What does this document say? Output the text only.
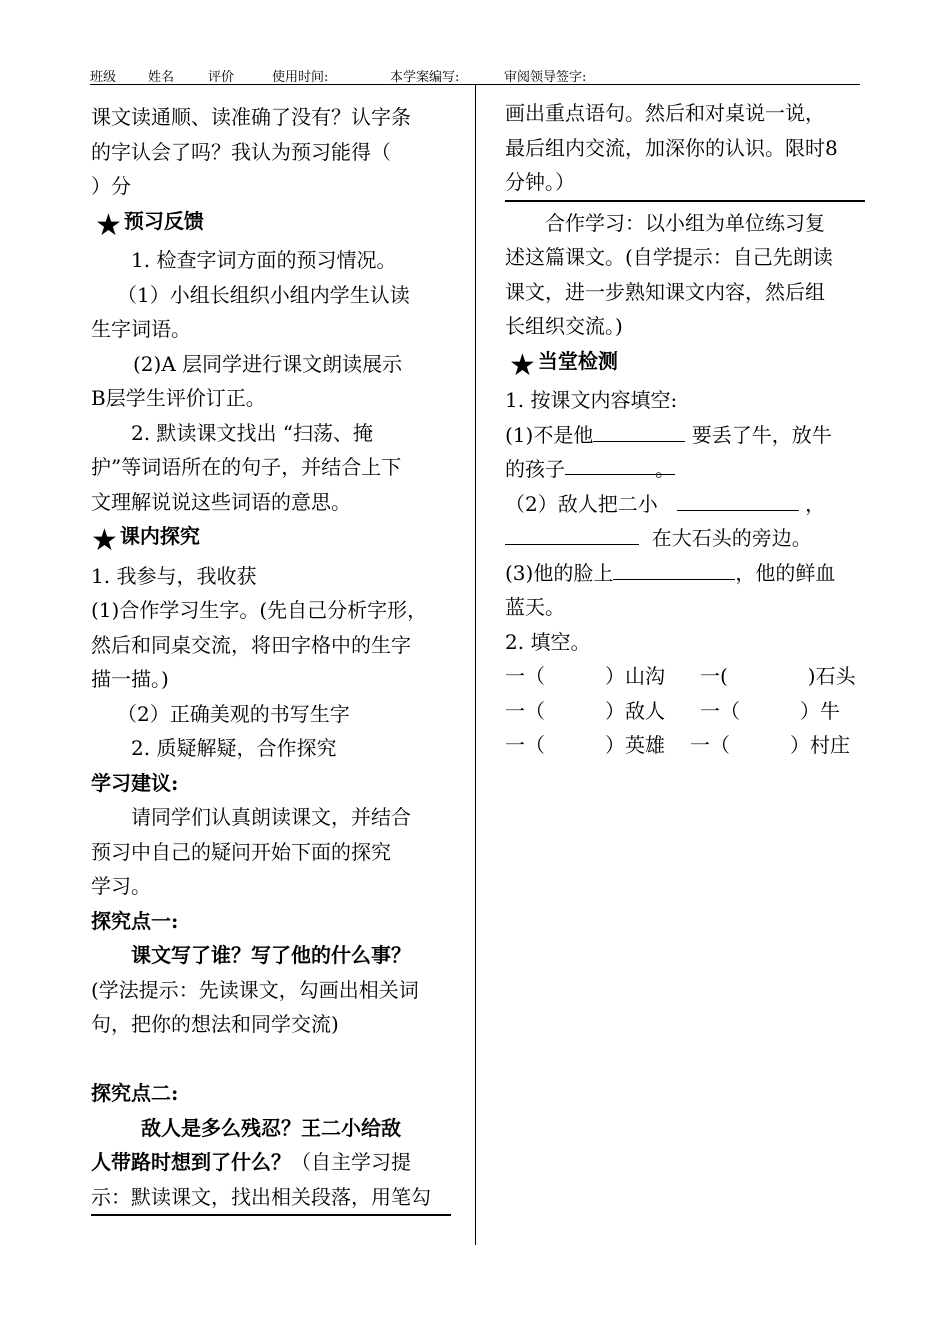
班级 姓名	评价	使用时间:	本学案编写:	审阅领导签字:
课文读通顺、读准确了没有？认字条
的字认会了吗？我认为预习能得（
）分
★ 预习反馈
1. 检查字词方面的预习情况。
（1）小组长组织小组内学生认读
生字词语。
(2)A 层同学进行课文朗读展示
B层学生评价订正。
2. 默读课文找出 “扫荡、掩
护”等词语所在的句子，并结合上下
文理解说说这些词语的意思。
★ 课内探究
1. 我参与，我收获
(1)合作学习生字。(先自己分析字形，
然后和同桌交流，将田字格中的生字
描一描。)
（2）正确美观的书写生字
2. 质疑解疑，合作探究
学习建议:
请同学们认真朗读课文，并结合
预习中自己的疑问开始下面的探究
学习。
探究点一:
课文写了谁？写了他的什么事？
(学法提示：先读课文，勾画出相关词
句，把你的想法和同学交流)
探究点二:
敌人是多么残忍？王二小给敌
人带路时想到了什么？（自主学习提
示：默读课文，找出相关段落，用笔勾
画出重点语句。然后和对桌说一说，
最后组内交流，加深你的认识。限时8
分钟。）
合作学习：以小组为单位练习复
述这篇课文。(自学提示：自己先朗读
课文，进一步熟知课文内容，然后组
长组织交流。)
★ 当堂检测
1. 按课文内容填空:
(1)不是他	要丢了牛，放牛
的孩子	。
（2）敌人把二小	，
在大石头的旁边。
(3)他的脸上	，他的鲜血
蓝天。
2. 填空。
一（　　　）山沟 一(　　　　)石头
一（　　　）敌人 一（　　　）牛
一（　　　）英雄 一（　　　）村庄
